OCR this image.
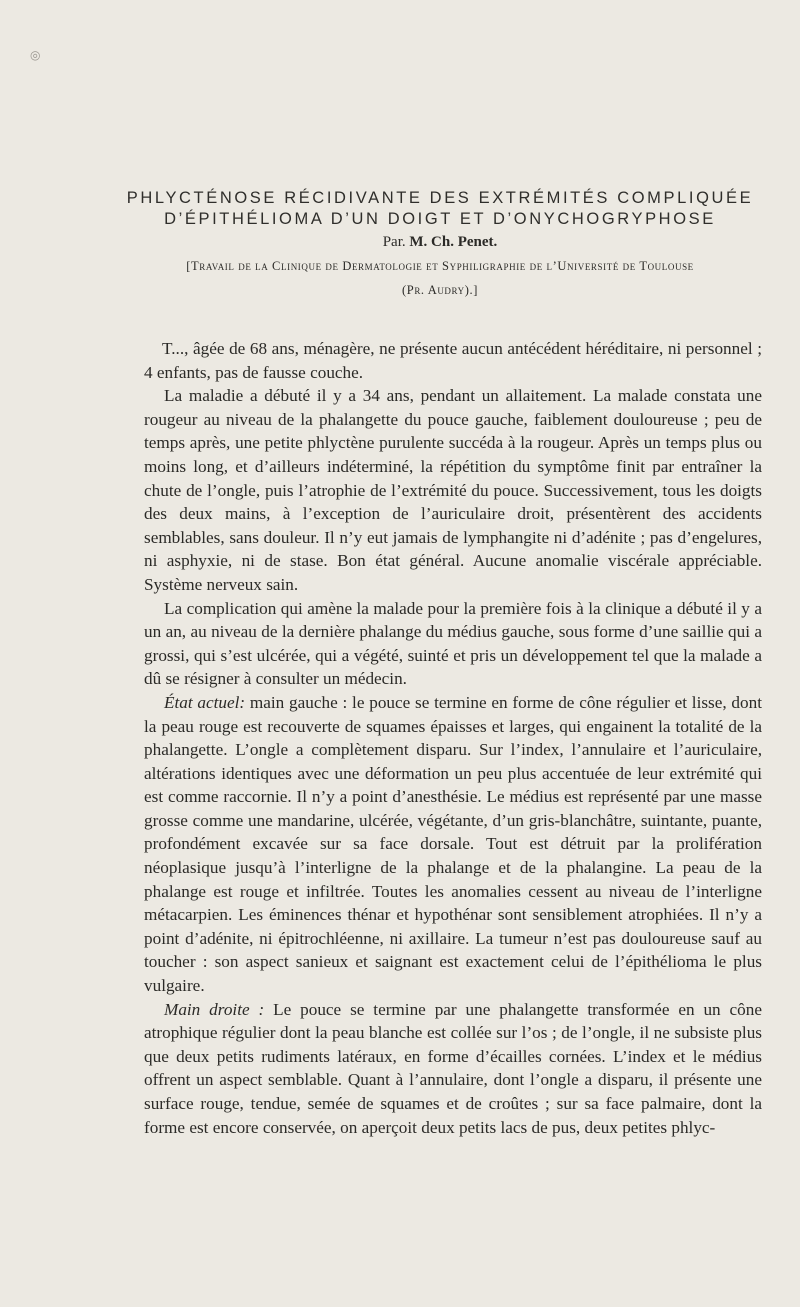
◎
PHLYCTÉNOSE RÉCIDIVANTE DES EXTRÉMITÉS COMPLIQUÉE
D’ÉPITHÉLIOMA D’UN DOIGT ET D’ONYCHOGRYPHOSE
Par. M. Ch. Penet.
[Travail de la Clinique de Dermatologie et Syphiligraphie de l’Université de Toulouse
(Pr. Audry).]

T..., âgée de 68 ans, ménagère, ne présente aucun antécédent héréditaire, ni personnel ; 4 enfants, pas de fausse couche.

La maladie a débuté il y a 34 ans, pendant un allaitement. La malade constata une rougeur au niveau de la phalangette du pouce gauche, faiblement douloureuse ; peu de temps après, une petite phlyctène purulente succéda à la rougeur. Après un temps plus ou moins long, et d’ailleurs indéterminé, la répétition du symptôme finit par entraîner la chute de l’ongle, puis l’atrophie de l’extrémité du pouce. Successivement, tous les doigts des deux mains, à l’exception de l’auriculaire droit, présentèrent des accidents semblables, sans douleur. Il n’y eut jamais de lymphangite ni d’adénite ; pas d’engelures, ni asphyxie, ni de stase. Bon état général. Aucune anomalie viscérale appréciable. Système nerveux sain.

La complication qui amène la malade pour la première fois à la clinique a débuté il y a un an, au niveau de la dernière phalange du médius gauche, sous forme d’une saillie qui a grossi, qui s’est ulcérée, qui a végété, suinté et pris un développement tel que la malade a dû se résigner à consulter un médecin.

État actuel: main gauche : le pouce se termine en forme de cône régulier et lisse, dont la peau rouge est recouverte de squames épaisses et larges, qui engainent la totalité de la phalangette. L’ongle a complètement disparu. Sur l’index, l’annulaire et l’auriculaire, altérations identiques avec une déformation un peu plus accentuée de leur extrémité qui est comme raccornie. Il n’y a point d’anesthésie. Le médius est représenté par une masse grosse comme une mandarine, ulcérée, végétante, d’un gris-blanchâtre, suintante, puante, profondément excavée sur sa face dorsale. Tout est détruit par la prolifération néoplasique jusqu’à l’interligne de la phalange et de la phalangine. La peau de la phalange est rouge et infiltrée. Toutes les anomalies cessent au niveau de l’interligne métacarpien. Les éminences thénar et hypothénar sont sensiblement atrophiées. Il n’y a point d’adénite, ni épitrochléenne, ni axillaire. La tumeur n’est pas douloureuse sauf au toucher : son aspect sanieux et saignant est exactement celui de l’épithélioma le plus vulgaire.

Main droite : Le pouce se termine par une phalangette transformée en un cône atrophique régulier dont la peau blanche est collée sur l’os ; de l’ongle, il ne subsiste plus que deux petits rudiments latéraux, en forme d’écailles cornées. L’index et le médius offrent un aspect semblable. Quant à l’annulaire, dont l’ongle a disparu, il présente une surface rouge, tendue, semée de squames et de croûtes ; sur sa face palmaire, dont la forme est encore conservée, on aperçoit deux petits lacs de pus, deux petites phlyc-
